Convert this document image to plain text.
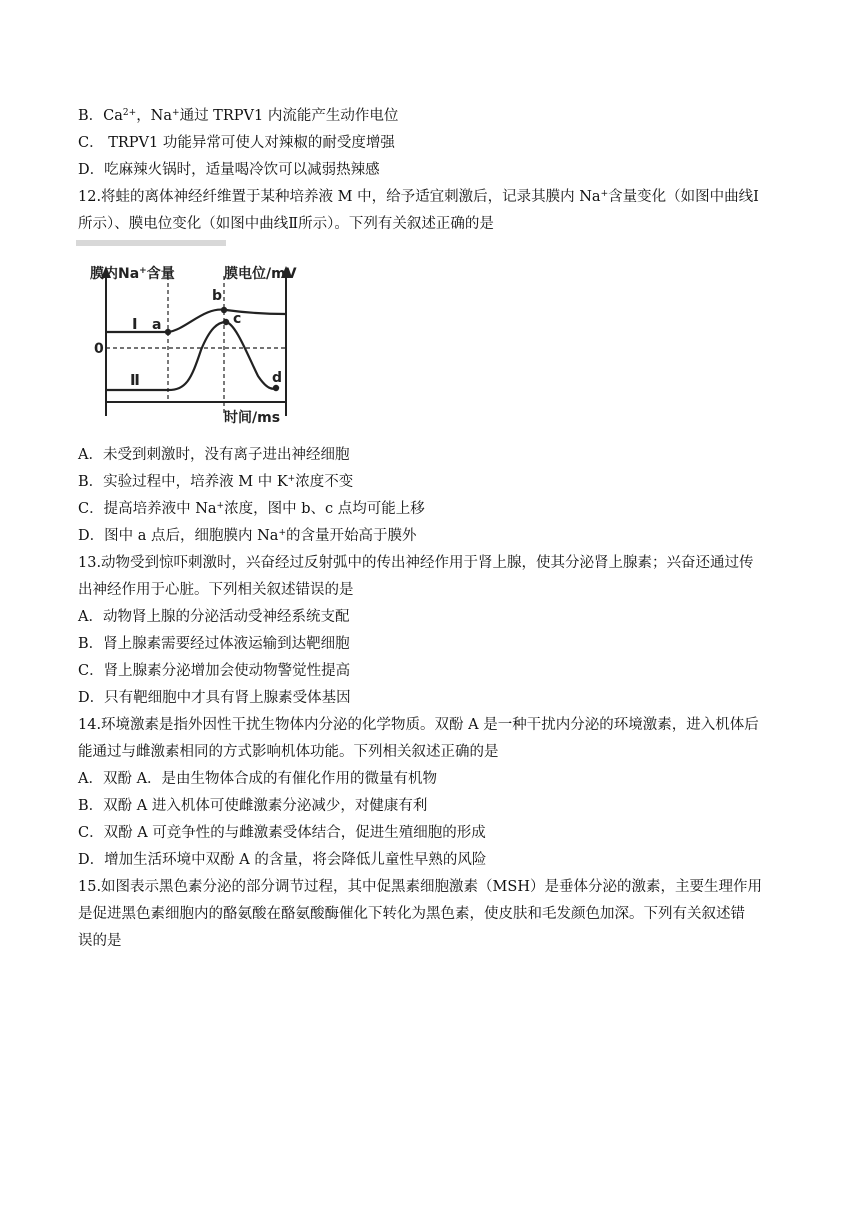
B．$Ca^{2+}$，Na+通过 TRPV1 内流能产生动作电位
C． TRPV1 功能异常可使人对辣椒的耐受度增强
D．吃麻辣火锅时，适量喝冷饮可以减弱热辣感
12.将蛙的离体神经纤维置于某种培养液 M 中，给予适宜刺激后，记录其膜内 Na+含量变化（如图中曲线Ⅰ
所示）、膜电位变化（如图中曲线Ⅱ所示）。下列有关叙述正确的是
膜内Na+含量	膜电位/mV
时间/ms
0
Ⅰ
Ⅱ
a
b
c
d
A．未受到刺激时，没有离子进出神经细胞
B．实验过程中，培养液 M 中 K+浓度不变
C．提高培养液中 Na+浓度，图中 b、c 点均可能上移
D．图中 a 点后，细胞膜内 Na+的含量开始高于膜外
13.动物受到惊吓刺激时，兴奋经过反射弧中的传出神经作用于肾上腺，使其分泌肾上腺素；兴奋还通过传
出神经作用于心脏。下列相关叙述错误的是
A．动物肾上腺的分泌活动受神经系统支配
B．肾上腺素需要经过体液运输到达靶细胞
C．肾上腺素分泌增加会使动物警觉性提高
D．只有靶细胞中才具有肾上腺素受体基因
14.环境激素是指外因性干扰生物体内分泌的化学物质。双酚 A 是一种干扰内分泌的环境激素，进入机体后
能通过与雌激素相同的方式影响机体功能。下列相关叙述正确的是
A．双酚 A．是由生物体合成的有催化作用的微量有机物
B．双酚 A 进入机体可使雌激素分泌减少，对健康有利
C．双酚 A 可竞争性的与雌激素受体结合，促进生殖细胞的形成
D．增加生活环境中双酚 A 的含量，将会降低儿童性早熟的风险
15.如图表示黑色素分泌的部分调节过程，其中促黑素细胞激素（MSH）是垂体分泌的激素，主要生理作用
是促进黑色素细胞内的酪氨酸在酪氨酸酶催化下转化为黑色素，使皮肤和毛发颜色加深。下列有关叙述错
误的是
